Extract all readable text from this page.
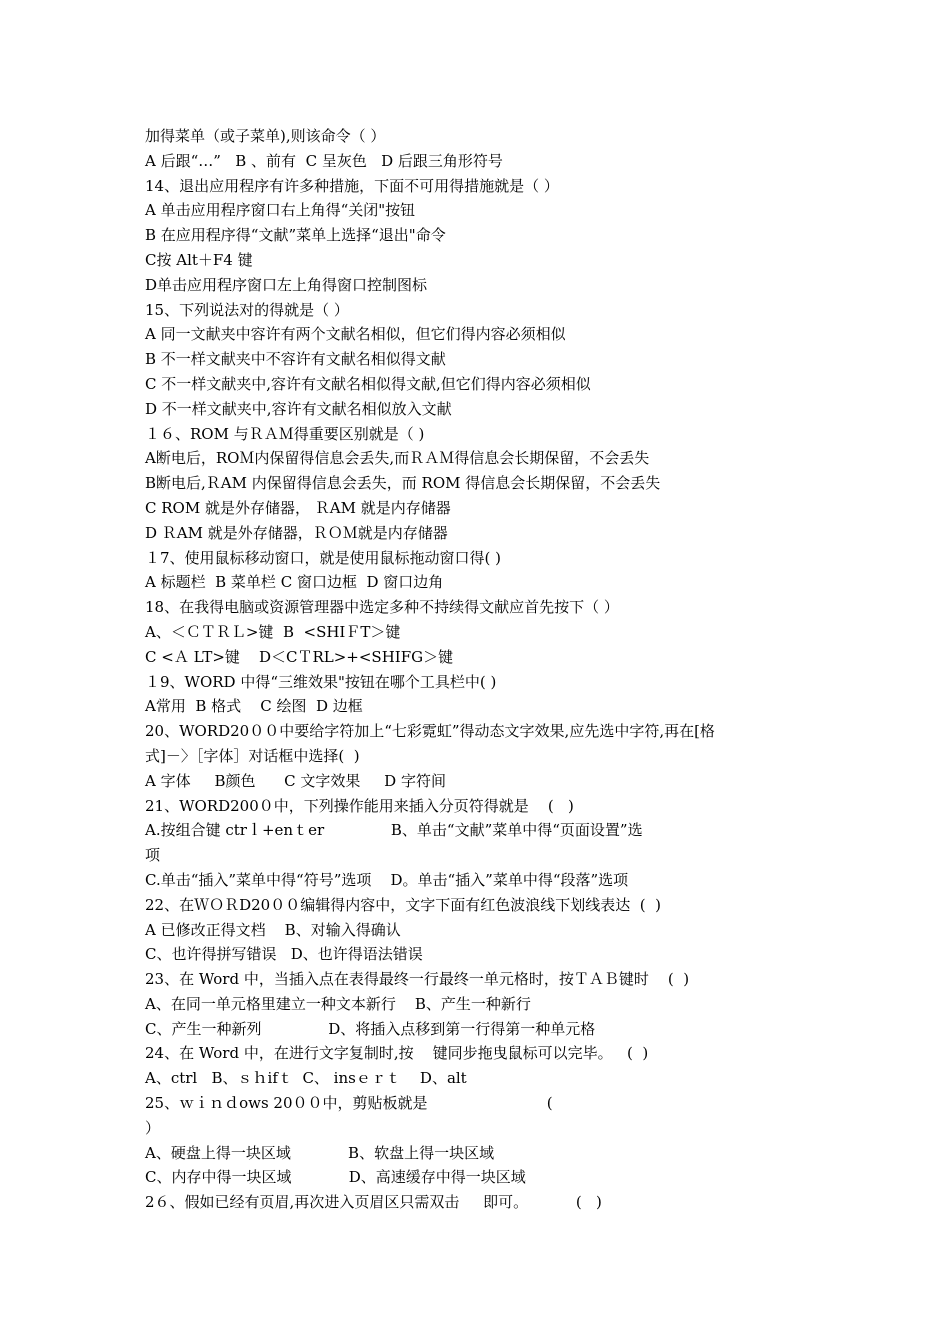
加得菜单（或子菜单),则该命令（ ）
A 后跟“…”   B 、前有  C 呈灰色   D 后跟三角形符号
14、退出应用程序有许多种措施，下面不可用得措施就是（ ）
A 单击应用程序窗口右上角得“关闭"按钮
B 在应用程序得“文献”菜单上选择“退出"命令
C按 Alt＋F4 键
D单击应用程序窗口左上角得窗口控制图标
15、下列说法对的得就是（ ）
A 同一文献夹中容许有两个文献名相似，但它们得内容必须相似
B 不一样文献夹中不容许有文献名相似得文献
C 不一样文献夹中,容许有文献名相似得文献,但它们得内容必须相似
D 不一样文献夹中,容许有文献名相似放入文献
１６、ROM 与ＲＡＭ得重要区别就是（ )
A断电后，ROＭ内保留得信息会丢失,而ＲＡＭ得信息会长期保留，不会丢失
B断电后,ＲAM 内保留得信息会丢失，而 ROM 得信息会长期保留，不会丢失
C ROM 就是外存储器， ＲAM 就是内存储器
D ＲAM 就是外存储器，ＲＯＭ就是内存储器
１7、使用鼠标移动窗口，就是使用鼠标拖动窗口得( )
A 标题栏  B 菜单栏 C 窗口边框  D 窗口边角
18、在我得电脑或资源管理器中选定多种不持续得文献应首先按下（ ）
A、＜ＣＴＲＬ>键  B  <SHIＦT＞键
C <Ａ LT>键    D＜CＴRL>+<SHIFG＞键
１9、WORD 中得“三维效果"按钮在哪个工具栏中( )
A常用  B 格式    C 绘图  D 边框
20、WORD20００中要给字符加上“七彩霓虹”得动态文字效果,应先选中字符,再在[格
式]－〉［字体］对话框中选择(  )
A 字体     B颜色      C 文字效果     D 字符间
21、WORD200０中，下列操作能用来插入分页符得就是    (   )
A.按组合键 ctrｌ+enｔer              B、单击“文献”菜单中得“页面设置”选
项
C.单击“插入”菜单中得“符号”选项    D。单击“插入”菜单中得“段落”选项
22、在ＷＯＲD20００编辑得内容中，文字下面有红色波浪线下划线表达  (  )
A 已修改正得文档    B、对输入得确认
C、也许得拼写错误   D、也许得语法错误
23、在 Word 中，当插入点在表得最终一行最终一单元格时，按ＴＡＢ键时    (  )
A、在同一单元格里建立一种文本新行    B、产生一种新行
C、产生一种新列              D、将插入点移到第一行得第一种单元格
24、在 Word 中，在进行文字复制时,按    键同步拖曳鼠标可以完毕。   (  )
A、ctrl   B、ｓｈifｔ  C、 insｅｒｔ    D、alt
25、ｗｉｎｄows 20００中，剪贴板就是                         (
）
A、硬盘上得一块区域            B、软盘上得一块区域
C、内存中得一块区域            D、高速缓存中得一块区域
2６、假如已经有页眉,再次进入页眉区只需双击     即可。          (   )
